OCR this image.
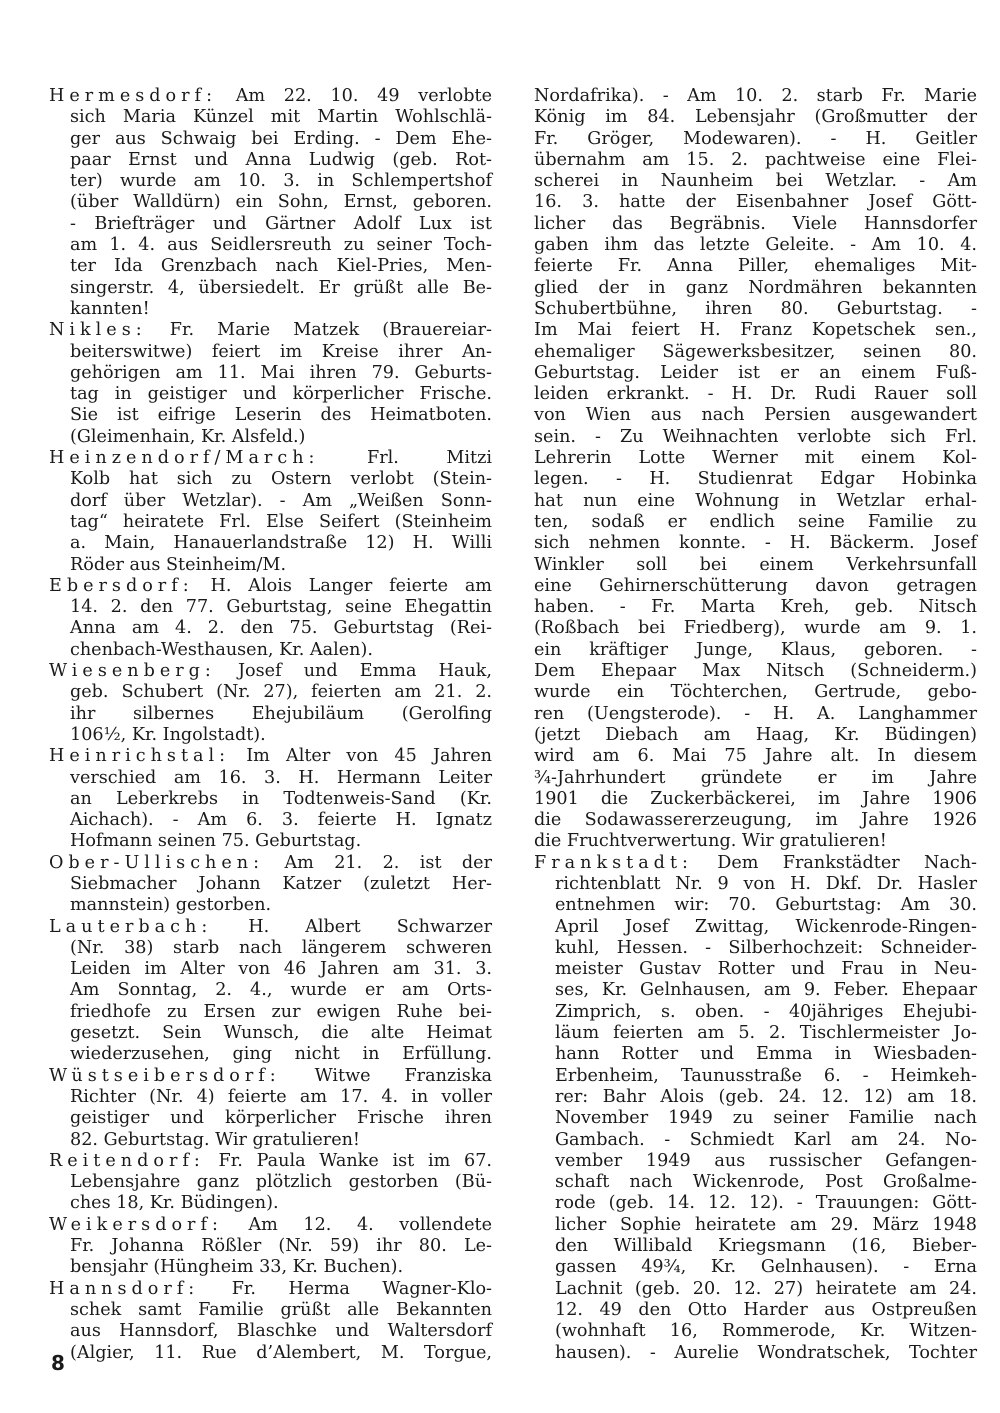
Hermesdorf: Am 22. 10. 49 verlobte
sich Maria Künzel mit Martin Wohlschlä-
ger aus Schwaig bei Erding. - Dem Ehe-
paar Ernst und Anna Ludwig (geb. Rot-
ter) wurde am 10. 3. in Schlempertshof
(über Walldürn) ein Sohn, Ernst, geboren.
- Briefträger und Gärtner Adolf Lux ist
am 1. 4. aus Seidlersreuth zu seiner Toch-
ter Ida Grenzbach nach Kiel-Pries, Men-
singerstr. 4, übersiedelt. Er grüßt alle Be-
kannten!
Nikles: Fr. Marie Matzek (Brauereiar-
beiterswitwe) feiert im Kreise ihrer An-
gehörigen am 11. Mai ihren 79. Geburts-
tag in geistiger und körperlicher Frische.
Sie ist eifrige Leserin des Heimatboten.
(Gleimenhain, Kr. Alsfeld.)
Heinzendorf/March: Frl. Mitzi
Kolb hat sich zu Ostern verlobt (Stein-
dorf über Wetzlar). - Am „Weißen Sonn-
tag“ heiratete Frl. Else Seifert (Steinheim
a. Main, Hanauerlandstraße 12) H. Willi
Röder aus Steinheim/M.
Ebersdorf: H. Alois Langer feierte am
14. 2. den 77. Geburtstag, seine Ehegattin
Anna am 4. 2. den 75. Geburtstag (Rei-
chenbach-Westhausen, Kr. Aalen).
Wiesenberg: Josef und Emma Hauk,
geb. Schubert (Nr. 27), feierten am 21. 2.
ihr silbernes Ehejubiläum (Gerolfing
106½, Kr. Ingolstadt).
Heinrichstal: Im Alter von 45 Jahren
verschied am 16. 3. H. Hermann Leiter
an Leberkrebs in Todtenweis-Sand (Kr.
Aichach). - Am 6. 3. feierte H. Ignatz
Hofmann seinen 75. Geburtstag.
Ober-Ullischen: Am 21. 2. ist der
Siebmacher Johann Katzer (zuletzt Her-
mannstein) gestorben.
Lauterbach: H. Albert Schwarzer
(Nr. 38) starb nach längerem schweren
Leiden im Alter von 46 Jahren am 31. 3.
Am Sonntag, 2. 4., wurde er am Orts-
friedhofe zu Ersen zur ewigen Ruhe bei-
gesetzt. Sein Wunsch, die alte Heimat
wiederzusehen, ging nicht in Erfüllung.
Wüstseibersdorf: Witwe Franziska
Richter (Nr. 4) feierte am 17. 4. in voller
geistiger und körperlicher Frische ihren
82. Geburtstag. Wir gratulieren!
Reitendorf: Fr. Paula Wanke ist im 67.
Lebensjahre ganz plötzlich gestorben (Bü-
ches 18, Kr. Büdingen).
Weikersdorf: Am 12. 4. vollendete
Fr. Johanna Rößler (Nr. 59) ihr 80. Le-
bensjahr (Hüngheim 33, Kr. Buchen).
Hannsdorf: Fr. Herma Wagner-Klo-
schek samt Familie grüßt alle Bekannten
aus Hannsdorf, Blaschke und Waltersdorf
(Algier, 11. Rue d’Alembert, M. Torgue,
Nordafrika). - Am 10. 2. starb Fr. Marie
König im 84. Lebensjahr (Großmutter der
Fr. Gröger, Modewaren). - H. Geitler
übernahm am 15. 2. pachtweise eine Flei-
scherei in Naunheim bei Wetzlar. - Am
16. 3. hatte der Eisenbahner Josef Gött-
licher das Begräbnis. Viele Hannsdorfer
gaben ihm das letzte Geleite. - Am 10. 4.
feierte Fr. Anna Piller, ehemaliges Mit-
glied der in ganz Nordmähren bekannten
Schubertbühne, ihren 80. Geburtstag. -
Im Mai feiert H. Franz Kopetschek sen.,
ehemaliger Sägewerksbesitzer, seinen 80.
Geburtstag. Leider ist er an einem Fuß-
leiden erkrankt. - H. Dr. Rudi Rauer soll
von Wien aus nach Persien ausgewandert
sein. - Zu Weihnachten verlobte sich Frl.
Lehrerin Lotte Werner mit einem Kol-
legen. - H. Studienrat Edgar Hobinka
hat nun eine Wohnung in Wetzlar erhal-
ten, sodaß er endlich seine Familie zu
sich nehmen konnte. - H. Bäckerm. Josef
Winkler soll bei einem Verkehrsunfall
eine Gehirnerschütterung davon getragen
haben. - Fr. Marta Kreh, geb. Nitsch
(Roßbach bei Friedberg), wurde am 9. 1.
ein kräftiger Junge, Klaus, geboren. -
Dem Ehepaar Max Nitsch (Schneiderm.)
wurde ein Töchterchen, Gertrude, gebo-
ren (Uengsterode). - H. A. Langhammer
(jetzt Diebach am Haag, Kr. Büdingen)
wird am 6. Mai 75 Jahre alt. In diesem
¾-Jahrhundert gründete er im Jahre
1901 die Zuckerbäckerei, im Jahre 1906
die Sodawassererzeugung, im Jahre 1926
die Fruchtverwertung. Wir gratulieren!
Frankstadt: Dem Frankstädter Nach-
richtenblatt Nr. 9 von H. Dkf. Dr. Hasler
entnehmen wir: 70. Geburtstag: Am 30.
April Josef Zwittag, Wickenrode-Ringen-
kuhl, Hessen. - Silberhochzeit: Schneider-
meister Gustav Rotter und Frau in Neu-
ses, Kr. Gelnhausen, am 9. Feber. Ehepaar
Zimprich, s. oben. - 40jähriges Ehejubi-
läum feierten am 5. 2. Tischlermeister Jo-
hann Rotter und Emma in Wiesbaden-
Erbenheim, Taunusstraße 6. - Heimkeh-
rer: Bahr Alois (geb. 24. 12. 12) am 18.
November 1949 zu seiner Familie nach
Gambach. - Schmiedt Karl am 24. No-
vember 1949 aus russischer Gefangen-
schaft nach Wickenrode, Post Großalme-
rode (geb. 14. 12. 12). - Trauungen: Gött-
licher Sophie heiratete am 29. März 1948
den Willibald Kriegsmann (16, Bieber-
gassen 49¾, Kr. Gelnhausen). - Erna
Lachnit (geb. 20. 12. 27) heiratete am 24.
12. 49 den Otto Harder aus Ostpreußen
(wohnhaft 16, Rommerode, Kr. Witzen-
hausen). - Aurelie Wondratschek, Tochter
8
